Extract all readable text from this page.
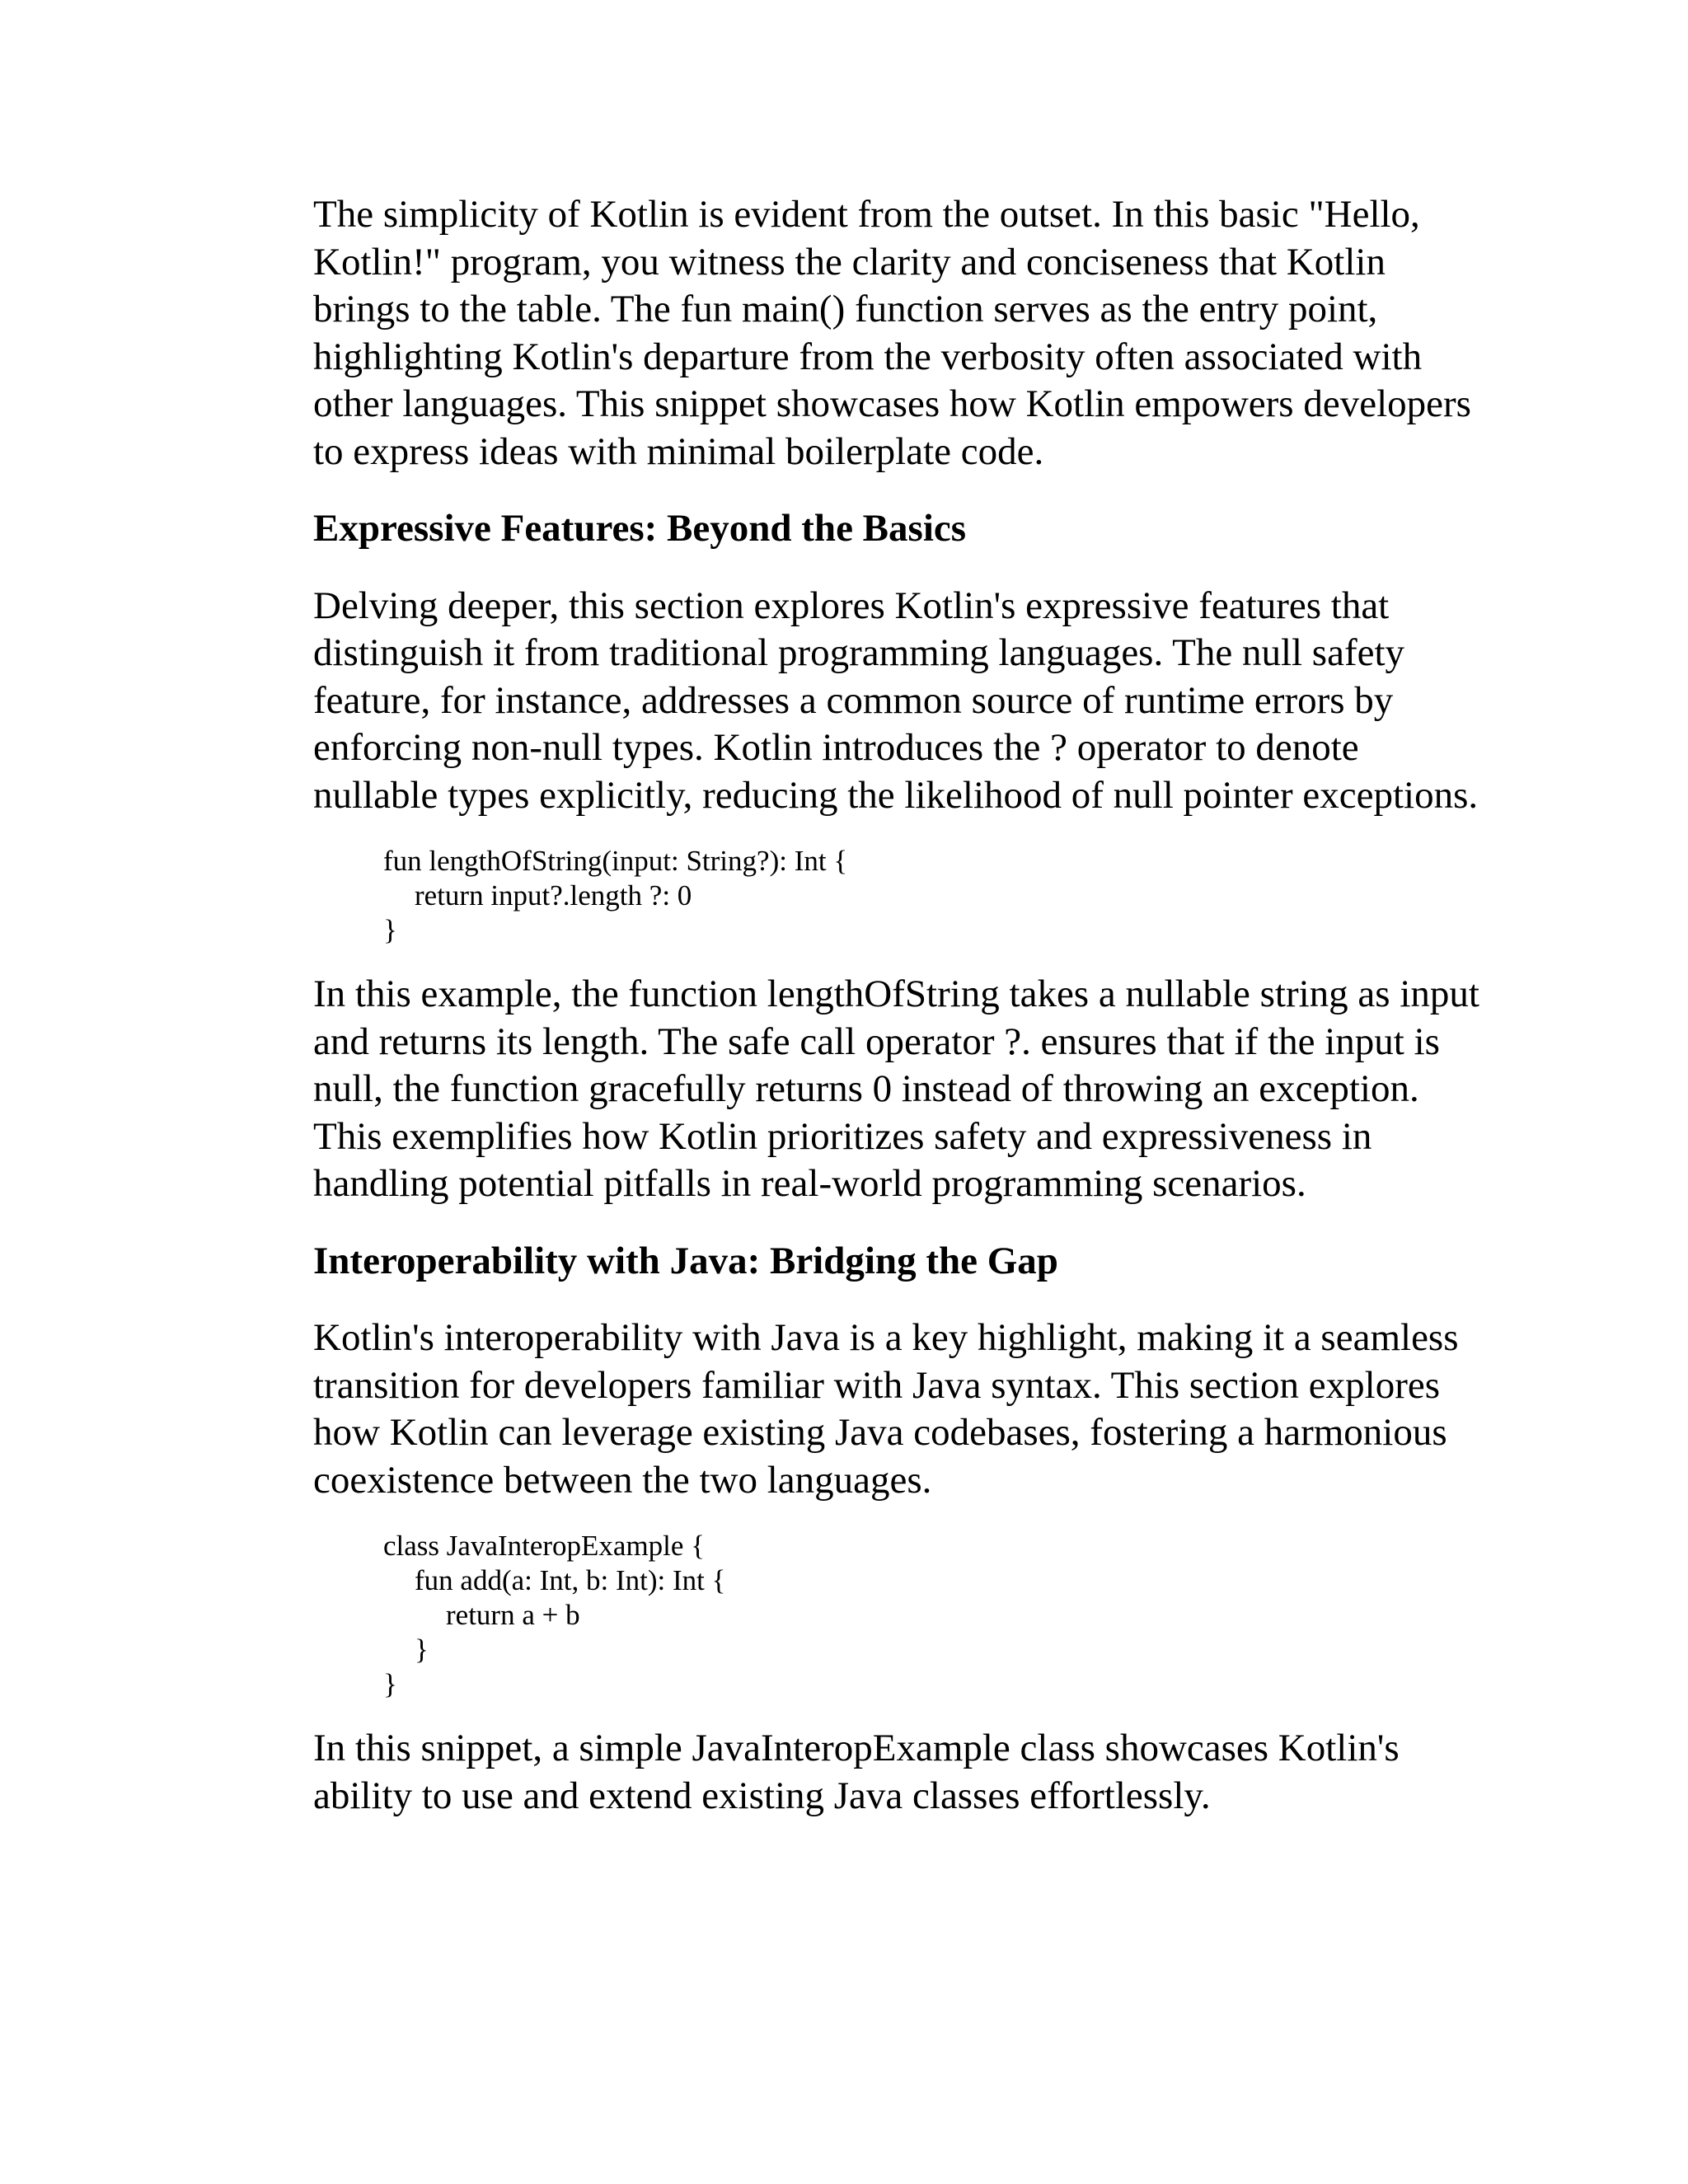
The simplicity of Kotlin is evident from the outset. In this basic "Hello, Kotlin!" program, you witness the clarity and conciseness that Kotlin brings to the table. The fun main() function serves as the entry point, highlighting Kotlin's departure from the verbosity often associated with other languages. This snippet showcases how Kotlin empowers developers to express ideas with minimal boilerplate code.

Expressive Features: Beyond the Basics

Delving deeper, this section explores Kotlin's expressive features that distinguish it from traditional programming languages. The null safety feature, for instance, addresses a common source of runtime errors by enforcing non-null types. Kotlin introduces the ? operator to denote nullable types explicitly, reducing the likelihood of null pointer exceptions.

fun lengthOfString(input: String?): Int {
return input?.length ?: 0
}

In this example, the function lengthOfString takes a nullable string as input and returns its length. The safe call operator ?. ensures that if the input is null, the function gracefully returns 0 instead of throwing an exception. This exemplifies how Kotlin prioritizes safety and expressiveness in handling potential pitfalls in real-world programming scenarios.

Interoperability with Java: Bridging the Gap

Kotlin's interoperability with Java is a key highlight, making it a seamless transition for developers familiar with Java syntax. This section explores how Kotlin can leverage existing Java codebases, fostering a harmonious coexistence between the two languages.

class JavaInteropExample {
fun add(a: Int, b: Int): Int {
return a + b
}
}

In this snippet, a simple JavaInteropExample class showcases Kotlin's ability to use and extend existing Java classes effortlessly.
